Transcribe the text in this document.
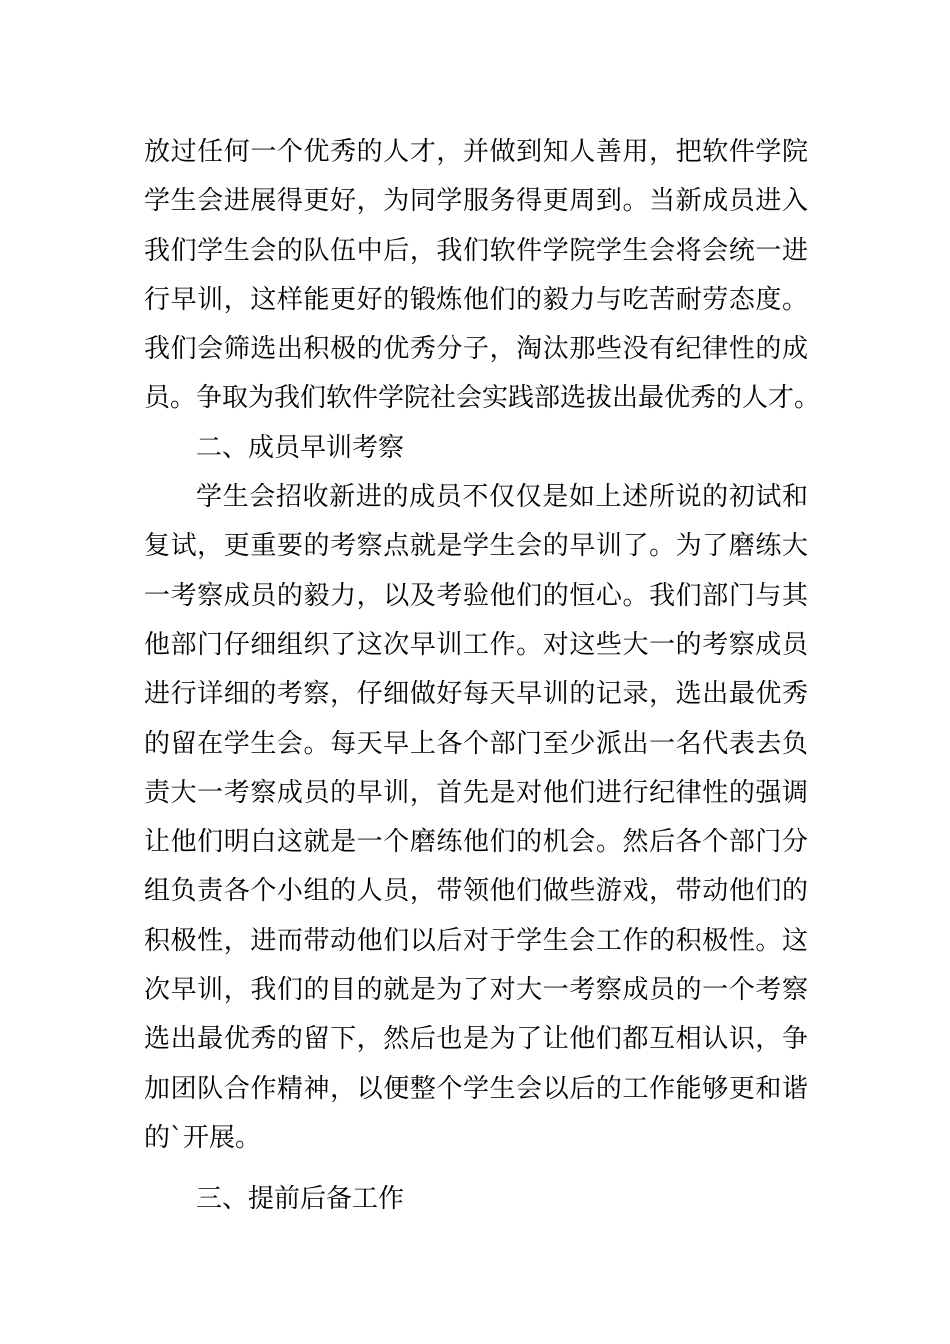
放过任何一个优秀的人才，并做到知人善用，把软件学院
学生会进展得更好，为同学服务得更周到。当新成员进入
我们学生会的队伍中后，我们软件学院学生会将会统一进
行早训，这样能更好的锻炼他们的毅力与吃苦耐劳态度。
我们会筛选出积极的优秀分子，淘汰那些没有纪律性的成
员。争取为我们软件学院社会实践部选拔出最优秀的人才。
二、成员早训考察
学生会招收新进的成员不仅仅是如上述所说的初试和
复试，更重要的考察点就是学生会的早训了。为了磨练大
一考察成员的毅力，以及考验他们的恒心。我们部门与其
他部门仔细组织了这次早训工作。对这些大一的考察成员
进行详细的考察，仔细做好每天早训的记录，选出最优秀
的留在学生会。每天早上各个部门至少派出一名代表去负
责大一考察成员的早训，首先是对他们进行纪律性的强调
让他们明白这就是一个磨练他们的机会。然后各个部门分
组负责各个小组的人员，带领他们做些游戏，带动他们的
积极性，进而带动他们以后对于学生会工作的积极性。这
次早训，我们的目的就是为了对大一考察成员的一个考察
选出最优秀的留下，然后也是为了让他们都互相认识，争
加团队合作精神，以便整个学生会以后的工作能够更和谐
的`开展。
三、提前后备工作
